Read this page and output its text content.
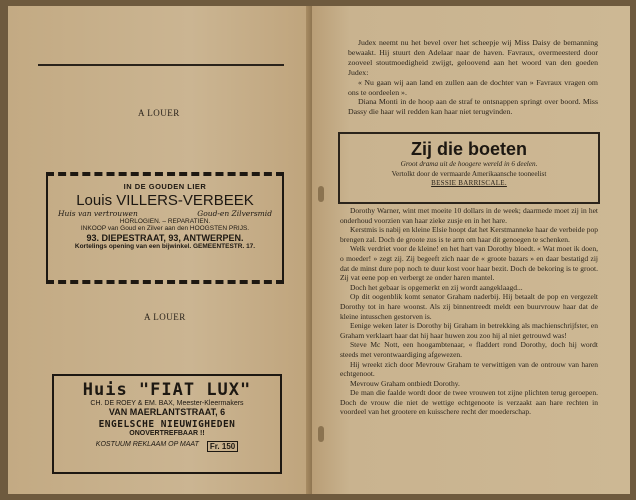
A LOUER
IN DE GOUDEN LIER
Louis VILLERS-VERBEEK
Huis van vertrouwen	Goud-en Zilversmid
HORLOGIEN. – REPARATIEN.
INKOOP van Goud en Zilver aan den HOOGSTEN PRIJS.
93. DIEPESTRAAT, 93, ANTWERPEN.
Kortelings opening van een bijwinkel. GEMEENTESTR. 17.
A LOUER
Huis "FIAT LUX"
CH. DE ROEY & EM. BAX, Meester-Kleermakers
VAN MAERLANTSTRAAT, 6
ENGELSCHE NIEUWIGHEDEN
ONOVERTREFBAAR !!
KOSTUUM REKLAAM OP MAAT	Fr. 150

Judex neemt nu het bevel over het scheepje wij Miss Daisy de bemanning bewaakt. Hij stuurt den Adelaar naar de haven. Favraux, overmeesterd door zooveel stoutmoedigheid zwijgt, geloovend aan het woord van den goeden Judex:

« Nu gaan wij aan land en zullen aan de dochter van » Favraux vragen om ons te oordeelen ».

Diana Monti in de hoop aan de straf te ontsnappen springt over boord. Miss Dassy die haar wil redden kan haar niet terugvinden.

Zij die boeten
Groot drama uit de hoogere wereld in 6 deelen.
Vertolkt door de vermaarde Amerikaansche tooneelist
BESSIE BARRISCALE.

Dorothy Warner, wint met moeite 10 dollars in de week; daarmede moet zij in het onderhoud voorzien van haar zieke zusje en in het hare.

Kerstmis is nabij en kleine Elsie hoopt dat het Kerstmanneke haar de verbeide pop brengen zal. Doch de groote zus is te arm om haar dit genoegen te schenken.

Welk verdriet voor de kleine! en het hart van Dorothy bloedt. « Wat moet ik doen, o moeder! » zegt zij. Zij begeeft zich naar de « groote bazars » en daar bestatigd zij dat de minst dure pop noch te duur kost voor haar bezit. Doch de bekoring is te groot. Zij vat eene pop en verbergt ze onder haren mantel.

Doch het gebaar is opgemerkt en zij wordt aangeklaagd...

Op dit oogenblik komt senator Graham naderbij. Hij betaalt de pop en vergezelt Dorothy tot in hare woonst. Als zij binnentreedt meldt een buurvrouw haar dat de kleine intusschen gestorven is.

Eenige weken later is Dorothy bij Graham in betrekking als machienschrijfster, en Graham verklaart haar dat hij haar huwen zou zoo hij al niet getrouwd was!

Steve Mc Nott, een hoogambtenaar, « fladdert rond Dorothy, doch hij wordt steeds met verontwaardiging afgewezen.

Hij wreekt zich door Mevrouw Graham te verwittigen van de ontrouw van haren echtgenoot.

Mevrouw Graham ontbiedt Dorothy.

De man die faalde wordt door de twee vrouwen tot zijne plichten terug geroepen. Doch de vrouw die niet de wettige echtgenoote is verzaakt aan hare rechten in voordeel van het grootere en kuisschere recht der moederschap.
